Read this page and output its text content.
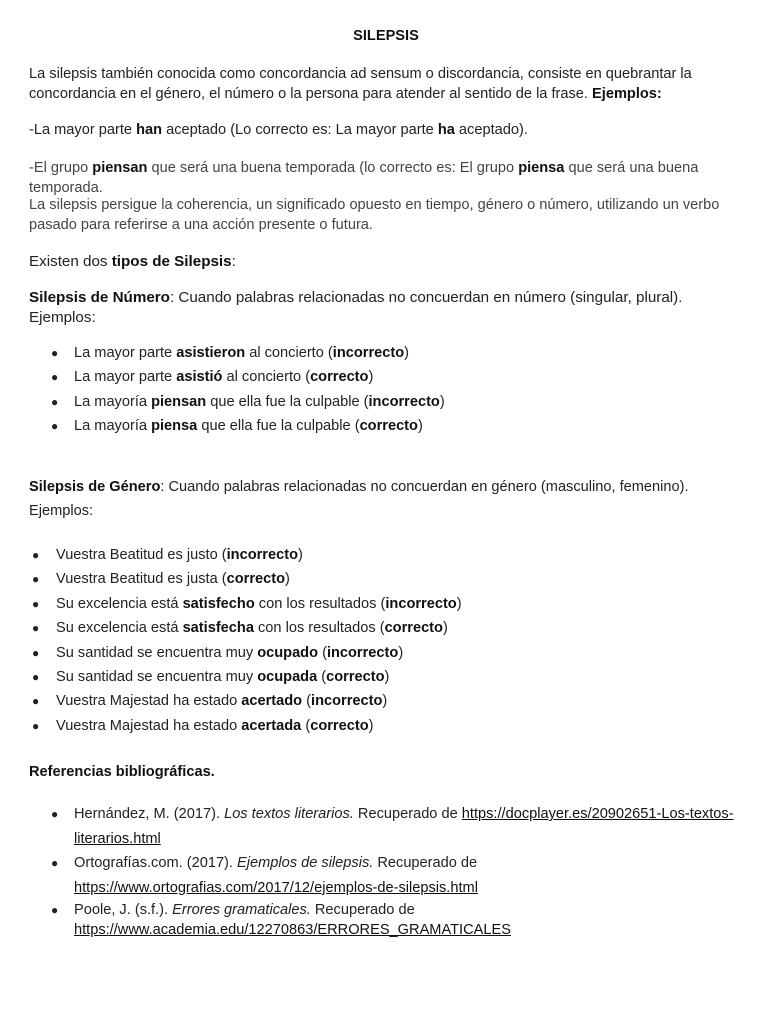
SILEPSIS

La silepsis también conocida como concordancia ad sensum o discordancia, consiste en quebrantar la concordancia en el género, el número o la persona para atender al sentido de la frase. Ejemplos:

-La mayor parte han aceptado (Lo correcto es: La mayor parte ha aceptado).

-El grupo piensan que será una buena temporada (lo correcto es: El grupo piensa que será una buena temporada.

La silepsis persigue la coherencia, un significado opuesto en tiempo, género o número, utilizando un verbo pasado para referirse a una acción presente o futura.

Existen dos tipos de Silepsis:

Silepsis de Número: Cuando palabras relacionadas no concuerdan en número (singular, plural). Ejemplos:

● La mayor parte asistieron al concierto (incorrecto)
● La mayor parte asistió al concierto (correcto)
● La mayoría piensan que ella fue la culpable (incorrecto)
● La mayoría piensa que ella fue la culpable (correcto)

Silepsis de Género: Cuando palabras relacionadas no concuerdan en género (masculino, femenino).

Ejemplos:

● Vuestra Beatitud es justo (incorrecto)
● Vuestra Beatitud es justa (correcto)
● Su excelencia está satisfecho con los resultados (incorrecto)
● Su excelencia está satisfecha con los resultados (correcto)
● Su santidad se encuentra muy ocupado (incorrecto)
● Su santidad se encuentra muy ocupada (correcto)
● Vuestra Majestad ha estado acertado (incorrecto)
● Vuestra Majestad ha estado acertada (correcto)

Referencias bibliográficas.

● Hernández, M. (2017). Los textos literarios. Recuperado de https://docplayer.es/20902651-Los-textos-literarios.html
● Ortografías.com. (2017). Ejemplos de silepsis. Recuperado de https://www.ortografias.com/2017/12/ejemplos-de-silepsis.html
● Poole, J. (s.f.). Errores gramaticales. Recuperado de https://www.academia.edu/12270863/ERRORES_GRAMATICALES
